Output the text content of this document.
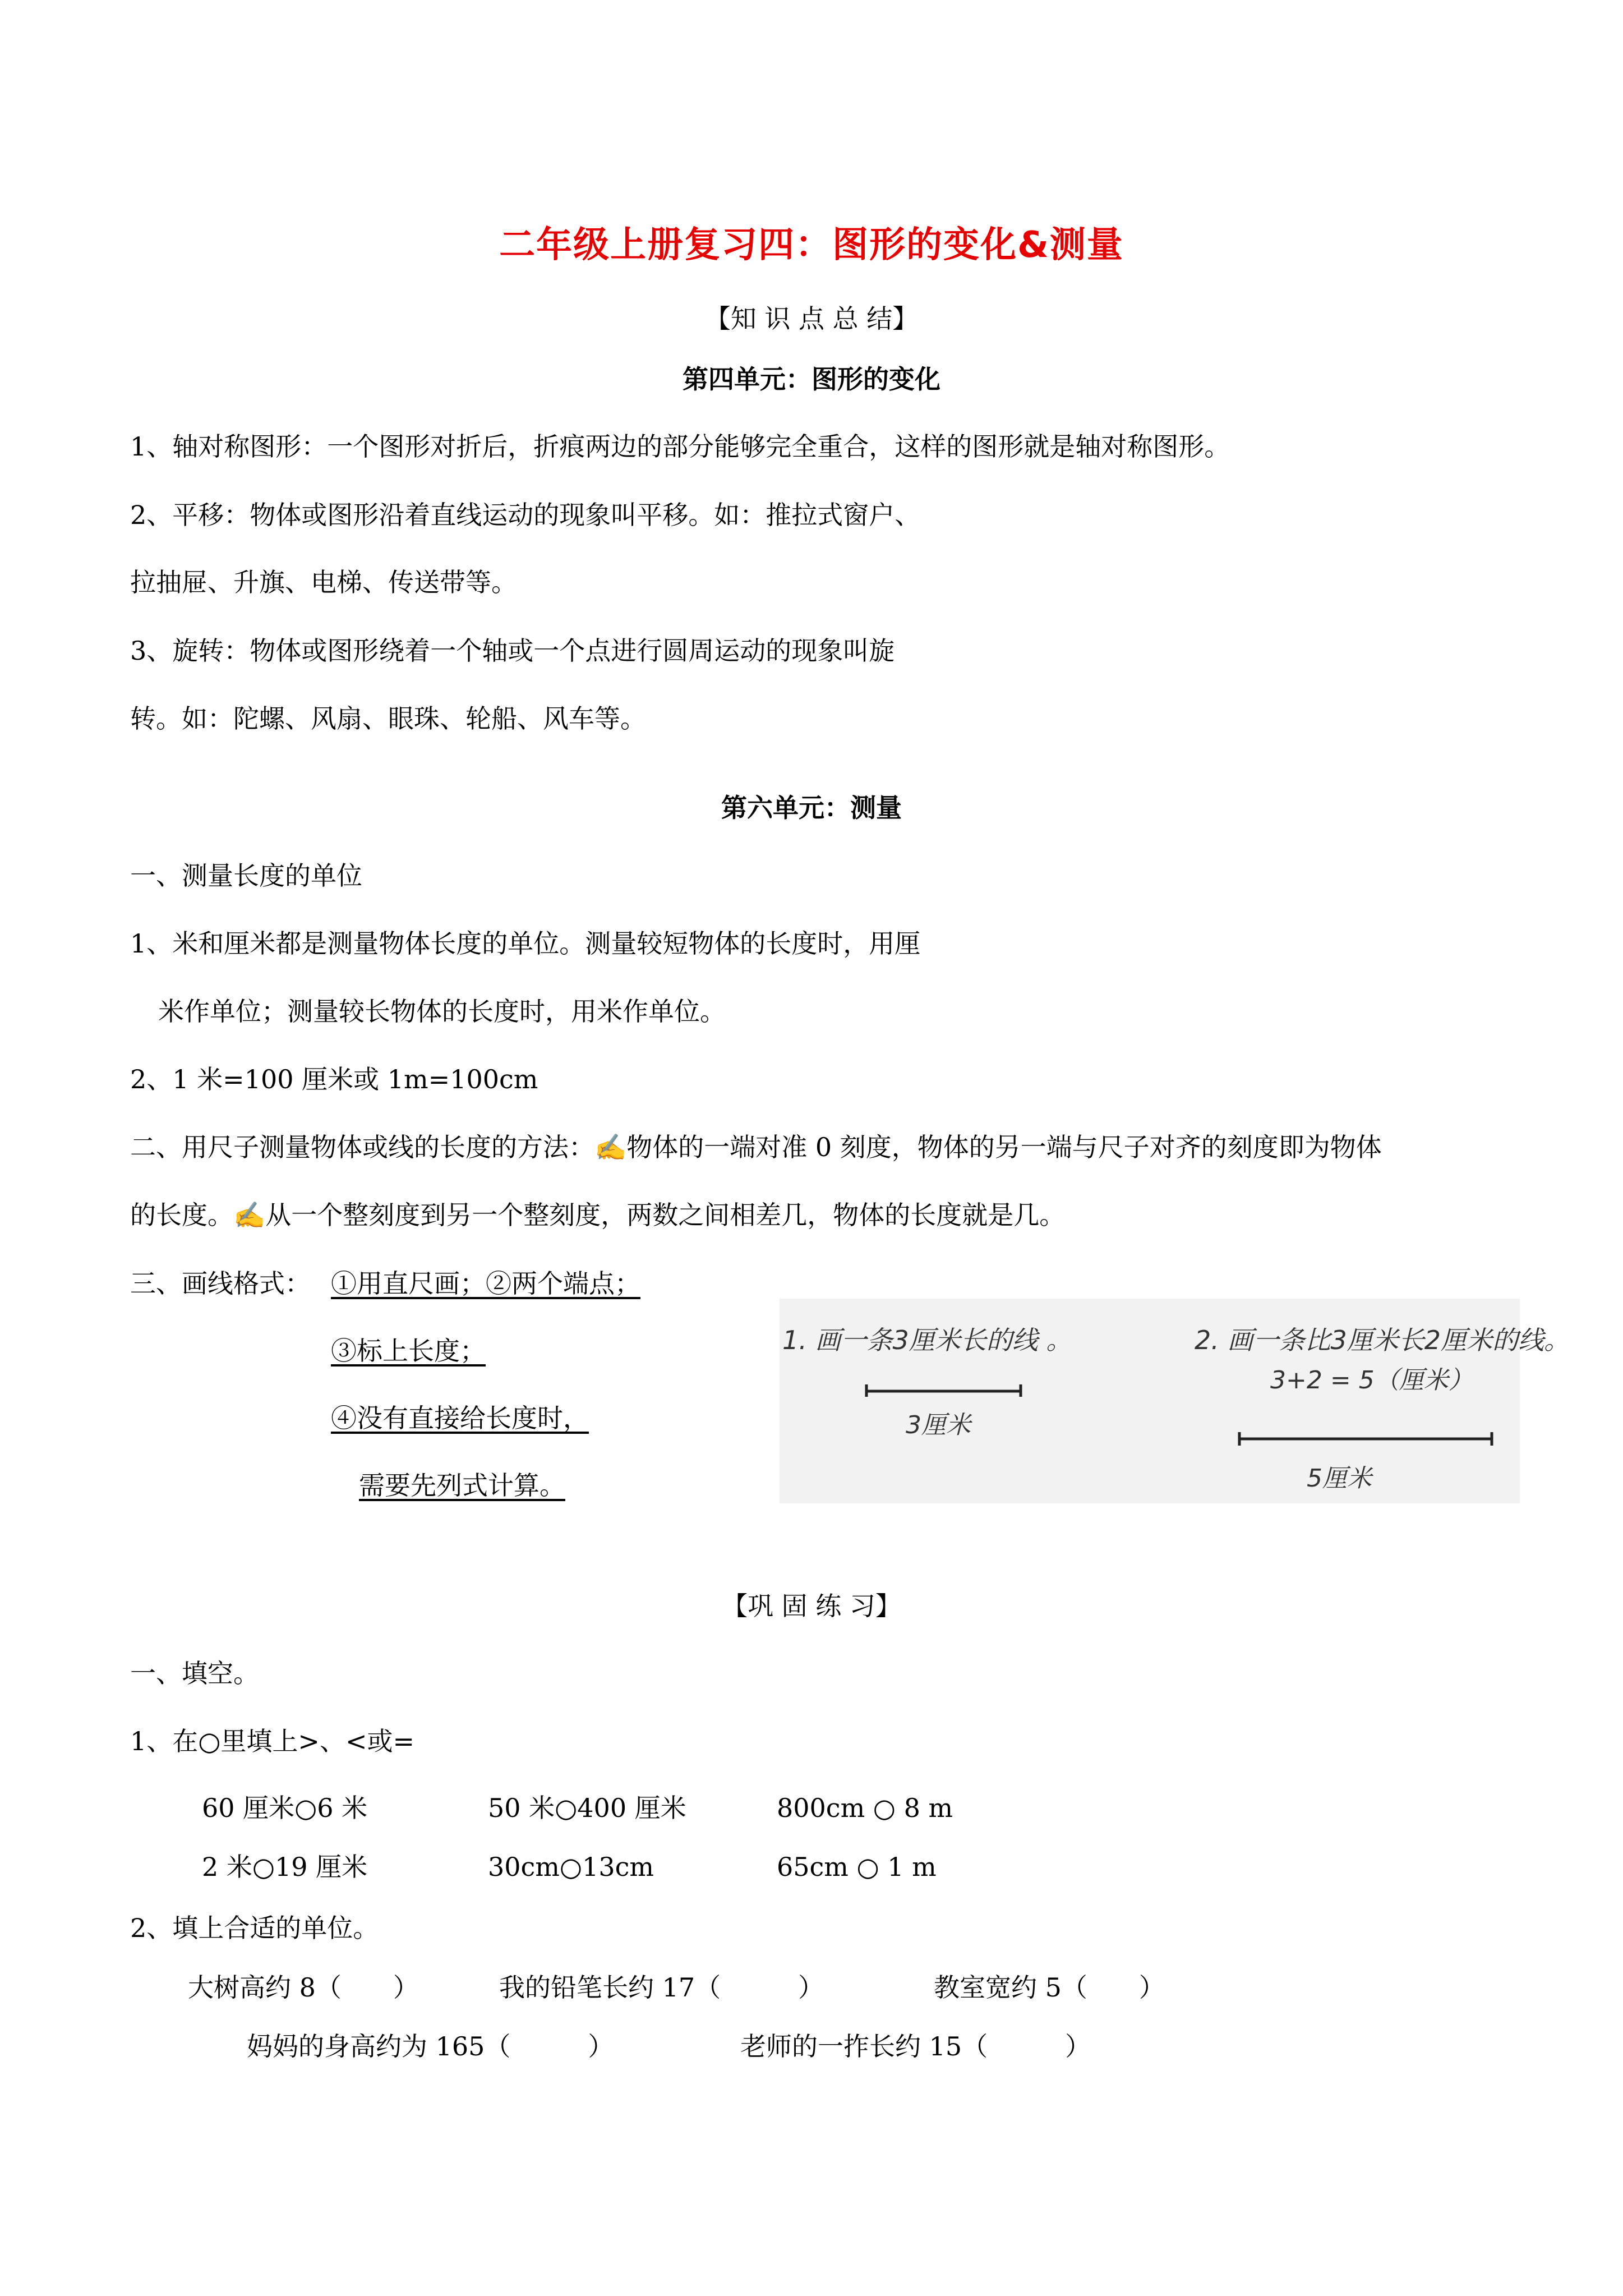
二年级上册复习四：图形的变化&测量
【知 识 点 总 结】
第四单元：图形的变化
1、轴对称图形：一个图形对折后，折痕两边的部分能够完全重合，这样的图形就是轴对称图形。
2、平移：物体或图形沿着直线运动的现象叫平移。如：推拉式窗户、
拉抽屉、升旗、电梯、传送带等。
3、旋转：物体或图形绕着一个轴或一个点进行圆周运动的现象叫旋
转。如：陀螺、风扇、眼珠、轮船、风车等。
第六单元：测量
一、测量长度的单位
1、米和厘米都是测量物体长度的单位。测量较短物体的长度时，用厘
米作单位；测量较长物体的长度时，用米作单位。
2、1 米=100 厘米或 1m=100cm
二、用尺子测量物体或线的长度的方法：✍物体的一端对准 0 刻度，物体的另一端与尺子对齐的刻度即为物体
的长度。✍从一个整刻度到另一个整刻度，两数之间相差几，物体的长度就是几。
三、画线格式： ①用直尺画；②两个端点；
③标上长度；
④没有直接给长度时，
需要先列式计算。
1. 画一条3厘米长的线 。
3厘米
2. 画一条比3厘米长2厘米的线。
3+2 = 5（厘米）
5厘米
【巩 固 练 习】
一、填空。
1、在○里填上>、<或=
60 厘米○6 米	50 米○400 厘米	800cm ○ 8 m
2 米○19 厘米	30cm○13cm	65cm ○ 1 m
2、填上合适的单位。
大树高约 8（　　）	我的铅笔长约 17（　　　）	教室宽约 5（　　）
妈妈的身高约为 165（　　　）	老师的一拃长约 15（　　　）
